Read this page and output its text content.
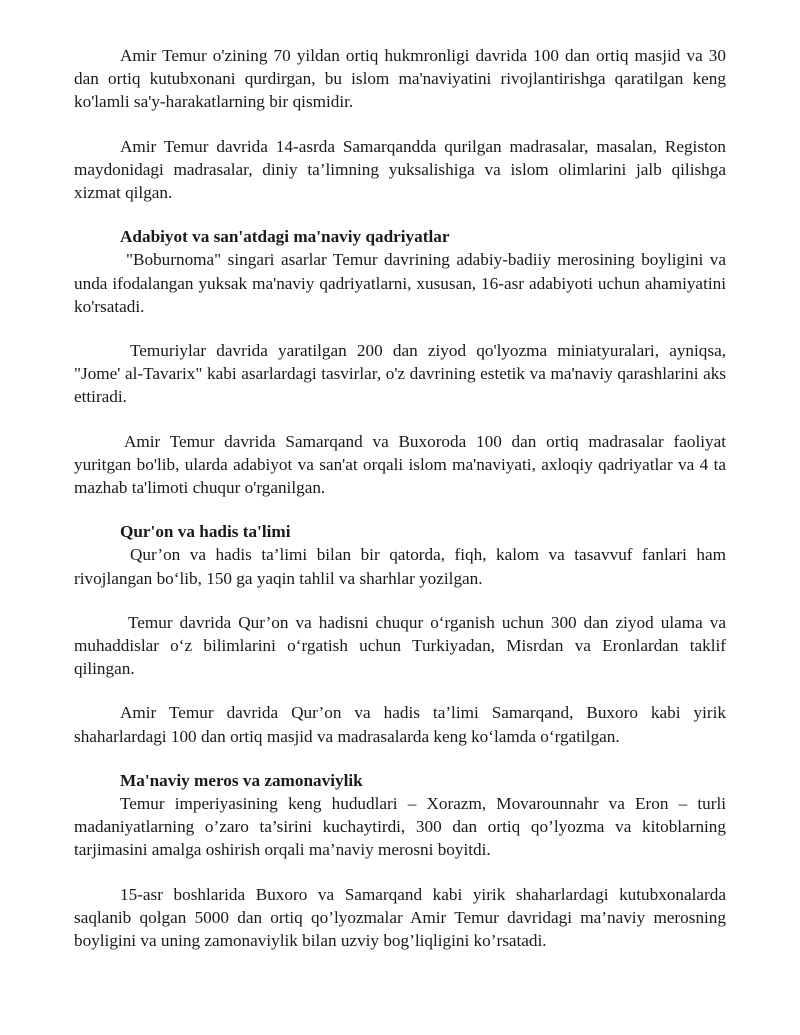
Amir Temur o'zining 70 yildan ortiq hukmronligi davrida 100 dan ortiq masjid va 30 dan ortiq kutubxonani qurdirgan, bu islom ma'naviyatini rivojlantirishga qaratilgan keng ko'lamli sa'y-harakatlarning bir qismidir.

Amir Temur davrida 14-asrda Samarqandda qurilgan madrasalar, masalan, Registon maydonidagi madrasalar, diniy ta’limning yuksalishiga va islom olimlarini jalb qilishga xizmat qilgan.

Adabiyot va san'atdagi ma'naviy qadriyatlar

"Boburnoma" singari asarlar Temur davrining adabiy-badiiy merosining boyligini va unda ifodalangan yuksak ma'naviy qadriyatlarni, xususan, 16-asr adabiyoti uchun ahamiyatini ko'rsatadi.

Temuriylar davrida yaratilgan 200 dan ziyod qo'lyozma miniatyuralari, ayniqsa, "Jome' al-Tavarix" kabi asarlardagi tasvirlar, o'z davrining estetik va ma'naviy qarashlarini aks ettiradi.

Amir Temur davrida Samarqand va Buxoroda 100 dan ortiq madrasalar faoliyat yuritgan bo'lib, ularda adabiyot va san'at orqali islom ma'naviyati, axloqiy qadriyatlar va 4 ta mazhab ta'limoti chuqur o'rganilgan.

Qur'on va hadis ta'limi

Qur’on va hadis ta’limi bilan bir qatorda, fiqh, kalom va tasavvuf fanlari ham rivojlangan bo‘lib, 150 ga yaqin tahlil va sharhlar yozilgan.

Temur davrida Qur’on va hadisni chuqur o‘rganish uchun 300 dan ziyod ulama va muhaddislar o‘z bilimlarini o‘rgatish uchun Turkiyadan, Misrdan va Eronlardan taklif qilingan.

Amir Temur davrida Qur’on va hadis ta’limi Samarqand, Buxoro kabi yirik shaharlardagi 100 dan ortiq masjid va madrasalarda keng ko‘lamda o‘rgatilgan.

Ma'naviy meros va zamonaviylik

Temur imperiyasining keng hududlari – Xorazm, Movarounnahr va Eron – turli madaniyatlarning o’zaro ta’sirini kuchaytirdi, 300 dan ortiq qo’lyozma va kitoblarning tarjimasini amalga oshirish orqali ma’naviy merosni boyitdi.

15-asr boshlarida Buxoro va Samarqand kabi yirik shaharlardagi kutubxonalarda saqlanib qolgan 5000 dan ortiq qo’lyozmalar Amir Temur davridagi ma’naviy merosning boyligini va uning zamonaviylik bilan uzviy bog’liqligini ko’rsatadi.
